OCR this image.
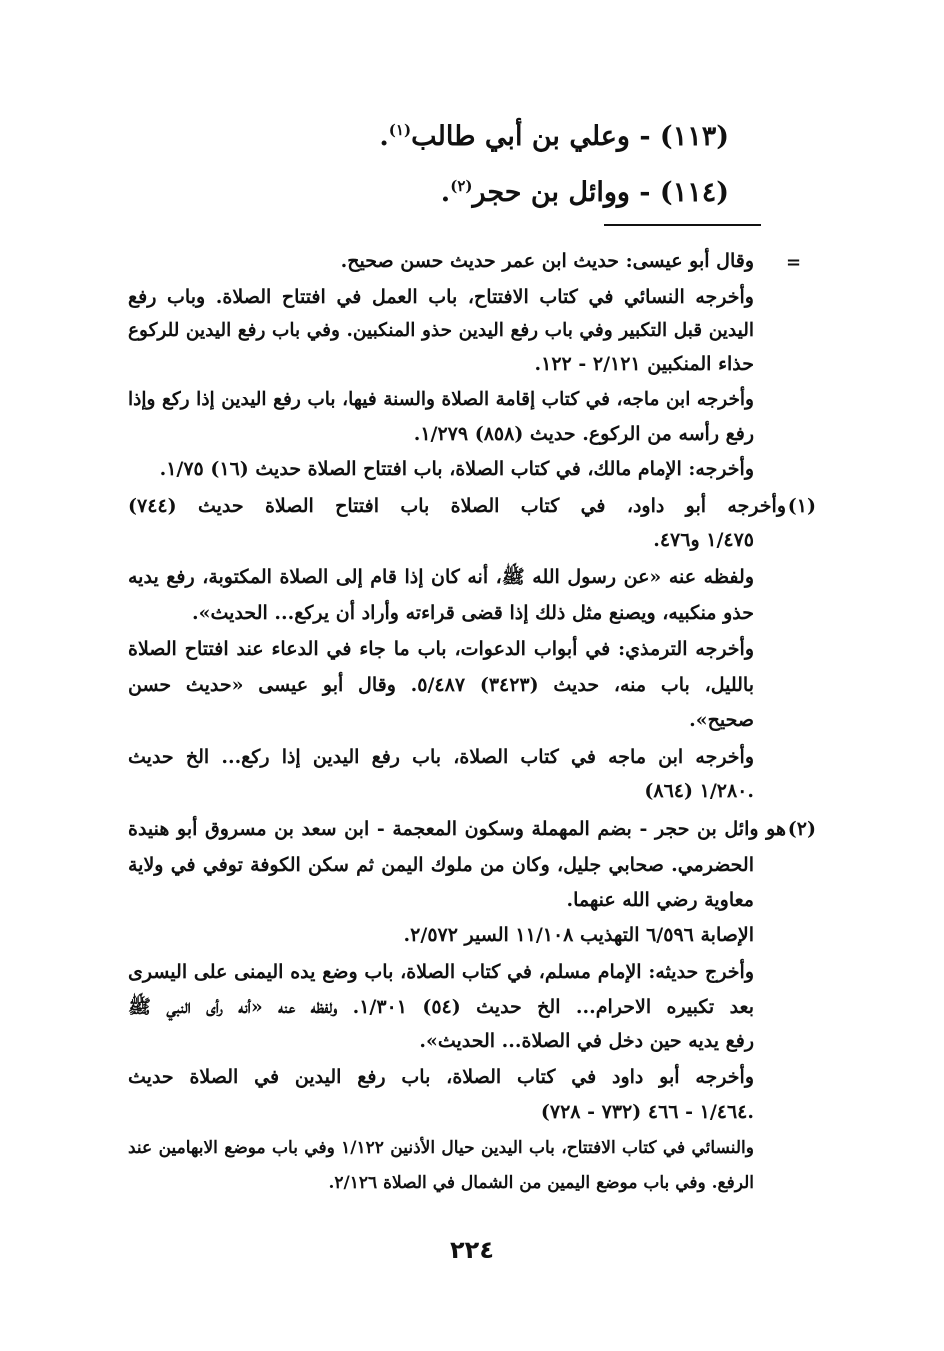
(١١٣) - وعلي بن أبي طالب$^{(١)}$.
(١١٤) - ووائل بن حجر$^{(٢)}$.
=
وقال أبو عيسى: حديث ابن عمر حديث حسن صحيح.
وأخرجه النسائي في كتاب الافتتاح، باب العمل في افتتاح الصلاة. وباب رفع
اليدين قبل التكبير وفي باب رفع اليدين حذو المنكبين. وفي باب رفع اليدين للركوع
حذاء المنكبين ٢/١٢١ - ١٢٢.
وأخرجه ابن ماجه، في كتاب إقامة الصلاة والسنة فيها، باب رفع اليدين إذا ركع وإذا
رفع رأسه من الركوع. حديث (٨٥٨) ١/٢٧٩.
وأخرجه: الإمام مالك، في كتاب الصلاة، باب افتتاح الصلاة حديث (١٦) ١/٧٥.
(١)
وأخرجه أبو داود، في كتاب الصلاة باب افتتاح الصلاة حديث (٧٤٤)
١/٤٧٥ و٤٧٦.
ولفظه عنه «عن رسول الله ﷺ، أنه كان إذا قام إلى الصلاة المكتوبة، رفع يديه
حذو منكبيه، ويصنع مثل ذلك إذا قضى قراءته وأراد أن يركع... الحديث».
وأخرجه الترمذي: في أبواب الدعوات، باب ما جاء في الدعاء عند افتتاح الصلاة
بالليل، باب منه، حديث (٣٤٢٣) ٥/٤٨٧. وقال أبو عيسى «حديث حسن
صحيح».
وأخرجه ابن ماجه في كتاب الصلاة، باب رفع اليدين إذا ركع... الخ حديث
(٨٦٤) ١/٢٨٠.
(٢)
هو وائل بن حجر - بضم المهملة وسكون المعجمة - ابن سعد بن مسروق أبو هنيدة
الحضرمي. صحابي جليل، وكان من ملوك اليمن ثم سكن الكوفة توفي في ولاية
معاوية رضي الله عنهما.
الإصابة ٦/٥٩٦ التهذيب ١١/١٠٨ السير ٢/٥٧٢.
وأخرج حديثه: الإمام مسلم، في كتاب الصلاة، باب وضع يده اليمنى على اليسرى
بعد تكبيره الاحرام... الخ حديث (٥٤) ١/٣٠١. ولفظه عنه «أنه رأى النبي ﷺ
رفع يديه حين دخل في الصلاة... الحديث».
وأخرجه أبو داود في كتاب الصلاة، باب رفع اليدين في الصلاة حديث
(٧٣٢ - ٧٢٨) ١/٤٦٤ - ٤٦٦.
والنسائي في كتاب الافتتاح، باب اليدين حيال الأذنين ١/١٢٢ وفي باب موضع الابهامين عند
الرفع. وفي باب موضع اليمين من الشمال في الصلاة ٢/١٢٦.
٢٢٤
